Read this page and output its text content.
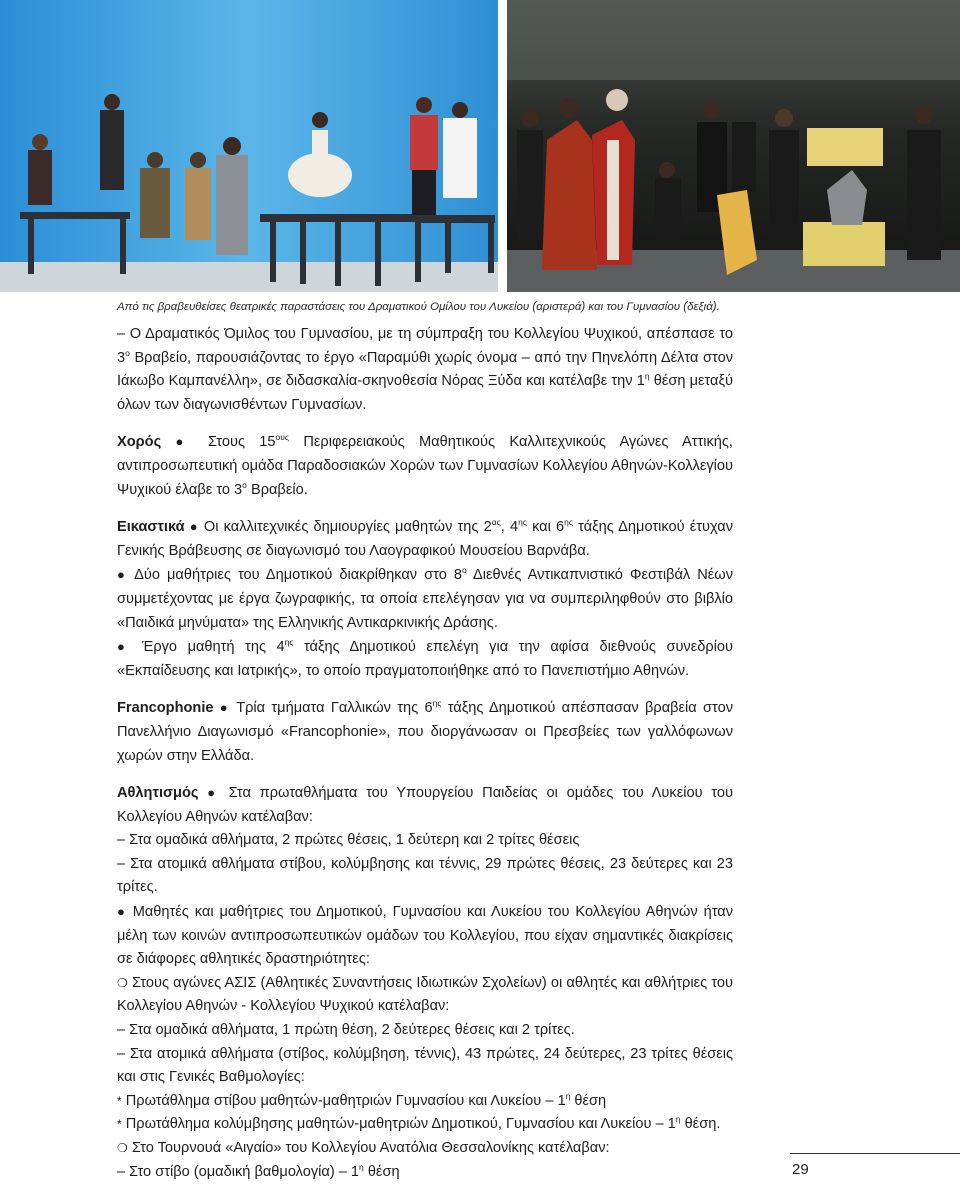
Από τις βραβευθείσες θεατρικές παραστάσεις του Δραματικού Ομίλου του Λυκείου (αριστερά) και του Γυμνασίου (δεξιά).

– Ο Δραματικός Όμιλος του Γυμνασίου, με τη σύμπραξη του Κολλεγίου Ψυχικού, απέσπασε το $3^o$ Βραβείο, παρουσιάζοντας το έργο «Παραμύθι χωρίς όνομα – από την Πηνελόπη Δέλτα στον Ιάκωβο Καμπανέλλη», σε διδασκαλία-σκηνοθεσία Νόρας Ξύδα και κατέλαβε την $1^\eta$ θέση μεταξύ όλων των διαγωνισθέντων Γυμνασίων.

Χορός ● Στους $15^{o\upsilon\varsigma}$ Περιφερειακούς Μαθητικούς Καλλιτεχνικούς Αγώνες Αττικής, αντιπροσωπευτική ομάδα Παραδοσιακών Χορών των Γυμνασίων Κολλεγίου Αθηνών-Κολλεγίου Ψυχικού έλαβε το $3^o$ Βραβείο.

Εικαστικά ● Οι καλλιτεχνικές δημιουργίες μαθητών της $2^{\alpha\varsigma}$, $4^{\eta\varsigma}$ και $6^{\eta\varsigma}$ τάξης Δημοτικού έτυχαν Γενικής Βράβευσης σε διαγωνισμό του Λαογραφικού Μουσείου Βαρνάβα.

● Δύο μαθήτριες του Δημοτικού διακρίθηκαν στο $8^o$ Διεθνές Αντικαπνιστικό Φεστιβάλ Νέων συμμετέχοντας με έργα ζωγραφικής, τα οποία επελέγησαν για να συμπεριληφθούν στο βιβλίο «Παιδικά μηνύματα» της Ελληνικής Αντικαρκινικής Δράσης.

● Έργο μαθητή της $4^{\eta\varsigma}$ τάξης Δημοτικού επελέγη για την αφίσα διεθνούς συνεδρίου «Εκπαίδευσης και Ιατρικής», το οποίο πραγματοποιήθηκε από το Πανεπιστήμιο Αθηνών.

Francophonie ● Τρία τμήματα Γαλλικών της $6^{\eta\varsigma}$ τάξης Δημοτικού απέσπασαν βραβεία στον Πανελλήνιο Διαγωνισμό «Francophonie», που διοργάνωσαν οι Πρεσβείες των γαλλόφωνων χωρών στην Ελλάδα.

Αθλητισμός ● Στα πρωταθλήματα του Υπουργείου Παιδείας οι ομάδες του Λυκείου του Κολλεγίου Αθηνών κατέλαβαν:

– Στα ομαδικά αθλήματα, 2 πρώτες θέσεις, 1 δεύτερη και 2 τρίτες θέσεις

– Στα ατομικά αθλήματα στίβου, κολύμβησης και τέννις, 29 πρώτες θέσεις, 23 δεύτερες και 23 τρίτες.

● Μαθητές και μαθήτριες του Δημοτικού, Γυμνασίου και Λυκείου του Κολλεγίου Αθηνών ήταν μέλη των κοινών αντιπροσωπευτικών ομάδων του Κολλεγίου, που είχαν σημαντικές διακρίσεις σε διάφορες αθλητικές δραστηριότητες:

❍ Στους αγώνες ΑΣΙΣ (Αθλητικές Συναντήσεις Ιδιωτικών Σχολείων) οι αθλητές και αθλήτριες του Κολλεγίου Αθηνών - Κολλεγίου Ψυχικού κατέλαβαν:

– Στα ομαδικά αθλήματα, 1 πρώτη θέση, 2 δεύτερες θέσεις και 2 τρίτες.

– Στα ατομικά αθλήματα (στίβος, κολύμβηση, τέννις), 43 πρώτες, 24 δεύτερες, 23 τρίτες θέσεις και στις Γενικές Βαθμολογίες:

* Πρωτάθλημα στίβου μαθητών-μαθητριών Γυμνασίου και Λυκείου – $1^\eta$ θέση

* Πρωτάθλημα κολύμβησης μαθητών-μαθητριών Δημοτικού, Γυμνασίου και Λυκείου – $1^\eta$ θέση.

❍ Στο Τουρνουά «Αιγαίο» του Κολλεγίου Ανατόλια Θεσσαλονίκης κατέλαβαν:

– Στο στίβο (ομαδική $\beta\alpha\theta\mu o\lambda o\gamma ί\alpha) - 1^\eta$ θέση	29
